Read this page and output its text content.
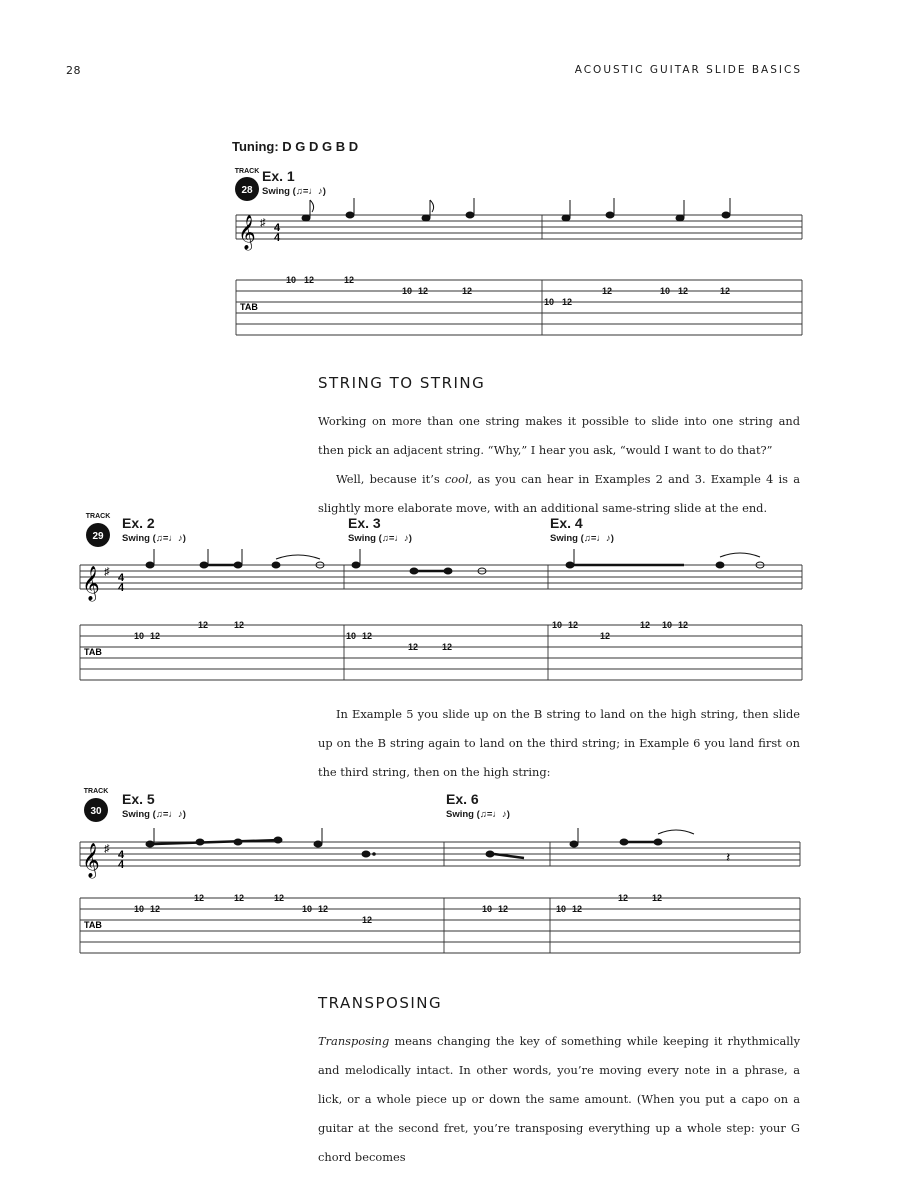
28	ACOUSTIC GUITAR SLIDE BASICS
Tuning: D G D G B D
28
TRACK
𝄞 ♯ 4
4
TAB
10 12	12
10 12	12
10 12
12	10 12	12
Ex. 1
Swing (♫=♩♪)
STRING TO STRING

Working on more than one string makes it possible to slide into one string and then pick an adjacent string. “Why,” I hear you ask, “would I want to do that?”

Well, because it’s cool, as you can hear in Examples 2 and 3. Example 4 is a slightly more elaborate move, with an additional same-string slide at the end.

29
TRACK
𝄞 ♯ 4
4
TAB
10 12
12	12
10 12
12	12
10 12
12
12 10 12
Ex. 2
Swing (♫=♩♪)
Ex. 3
Swing (♫=♩♪)
Ex. 4
Swing (♫=♩♪)

In Example 5 you slide up on the B string to land on the high string, then slide up on the B string again to land on the third string; in Example 6 you land first on the third string, then on the high string:

30
TRACK
𝄞 ♯ 4
4	𝄽
TAB
10 12
12	12	12
10 12
12
10 12	10 12
12	12
Ex. 5
Swing (♫=♩♪)
Ex. 6
Swing (♫=♩♪)
TRANSPOSING

Transposing means changing the key of something while keeping it rhythmically and melodically intact. In other words, you’re moving every note in a phrase, a lick, or a whole piece up or down the same amount. (When you put a capo on a guitar at the second fret, you’re transposing everything up a whole step: your G chord becomes
